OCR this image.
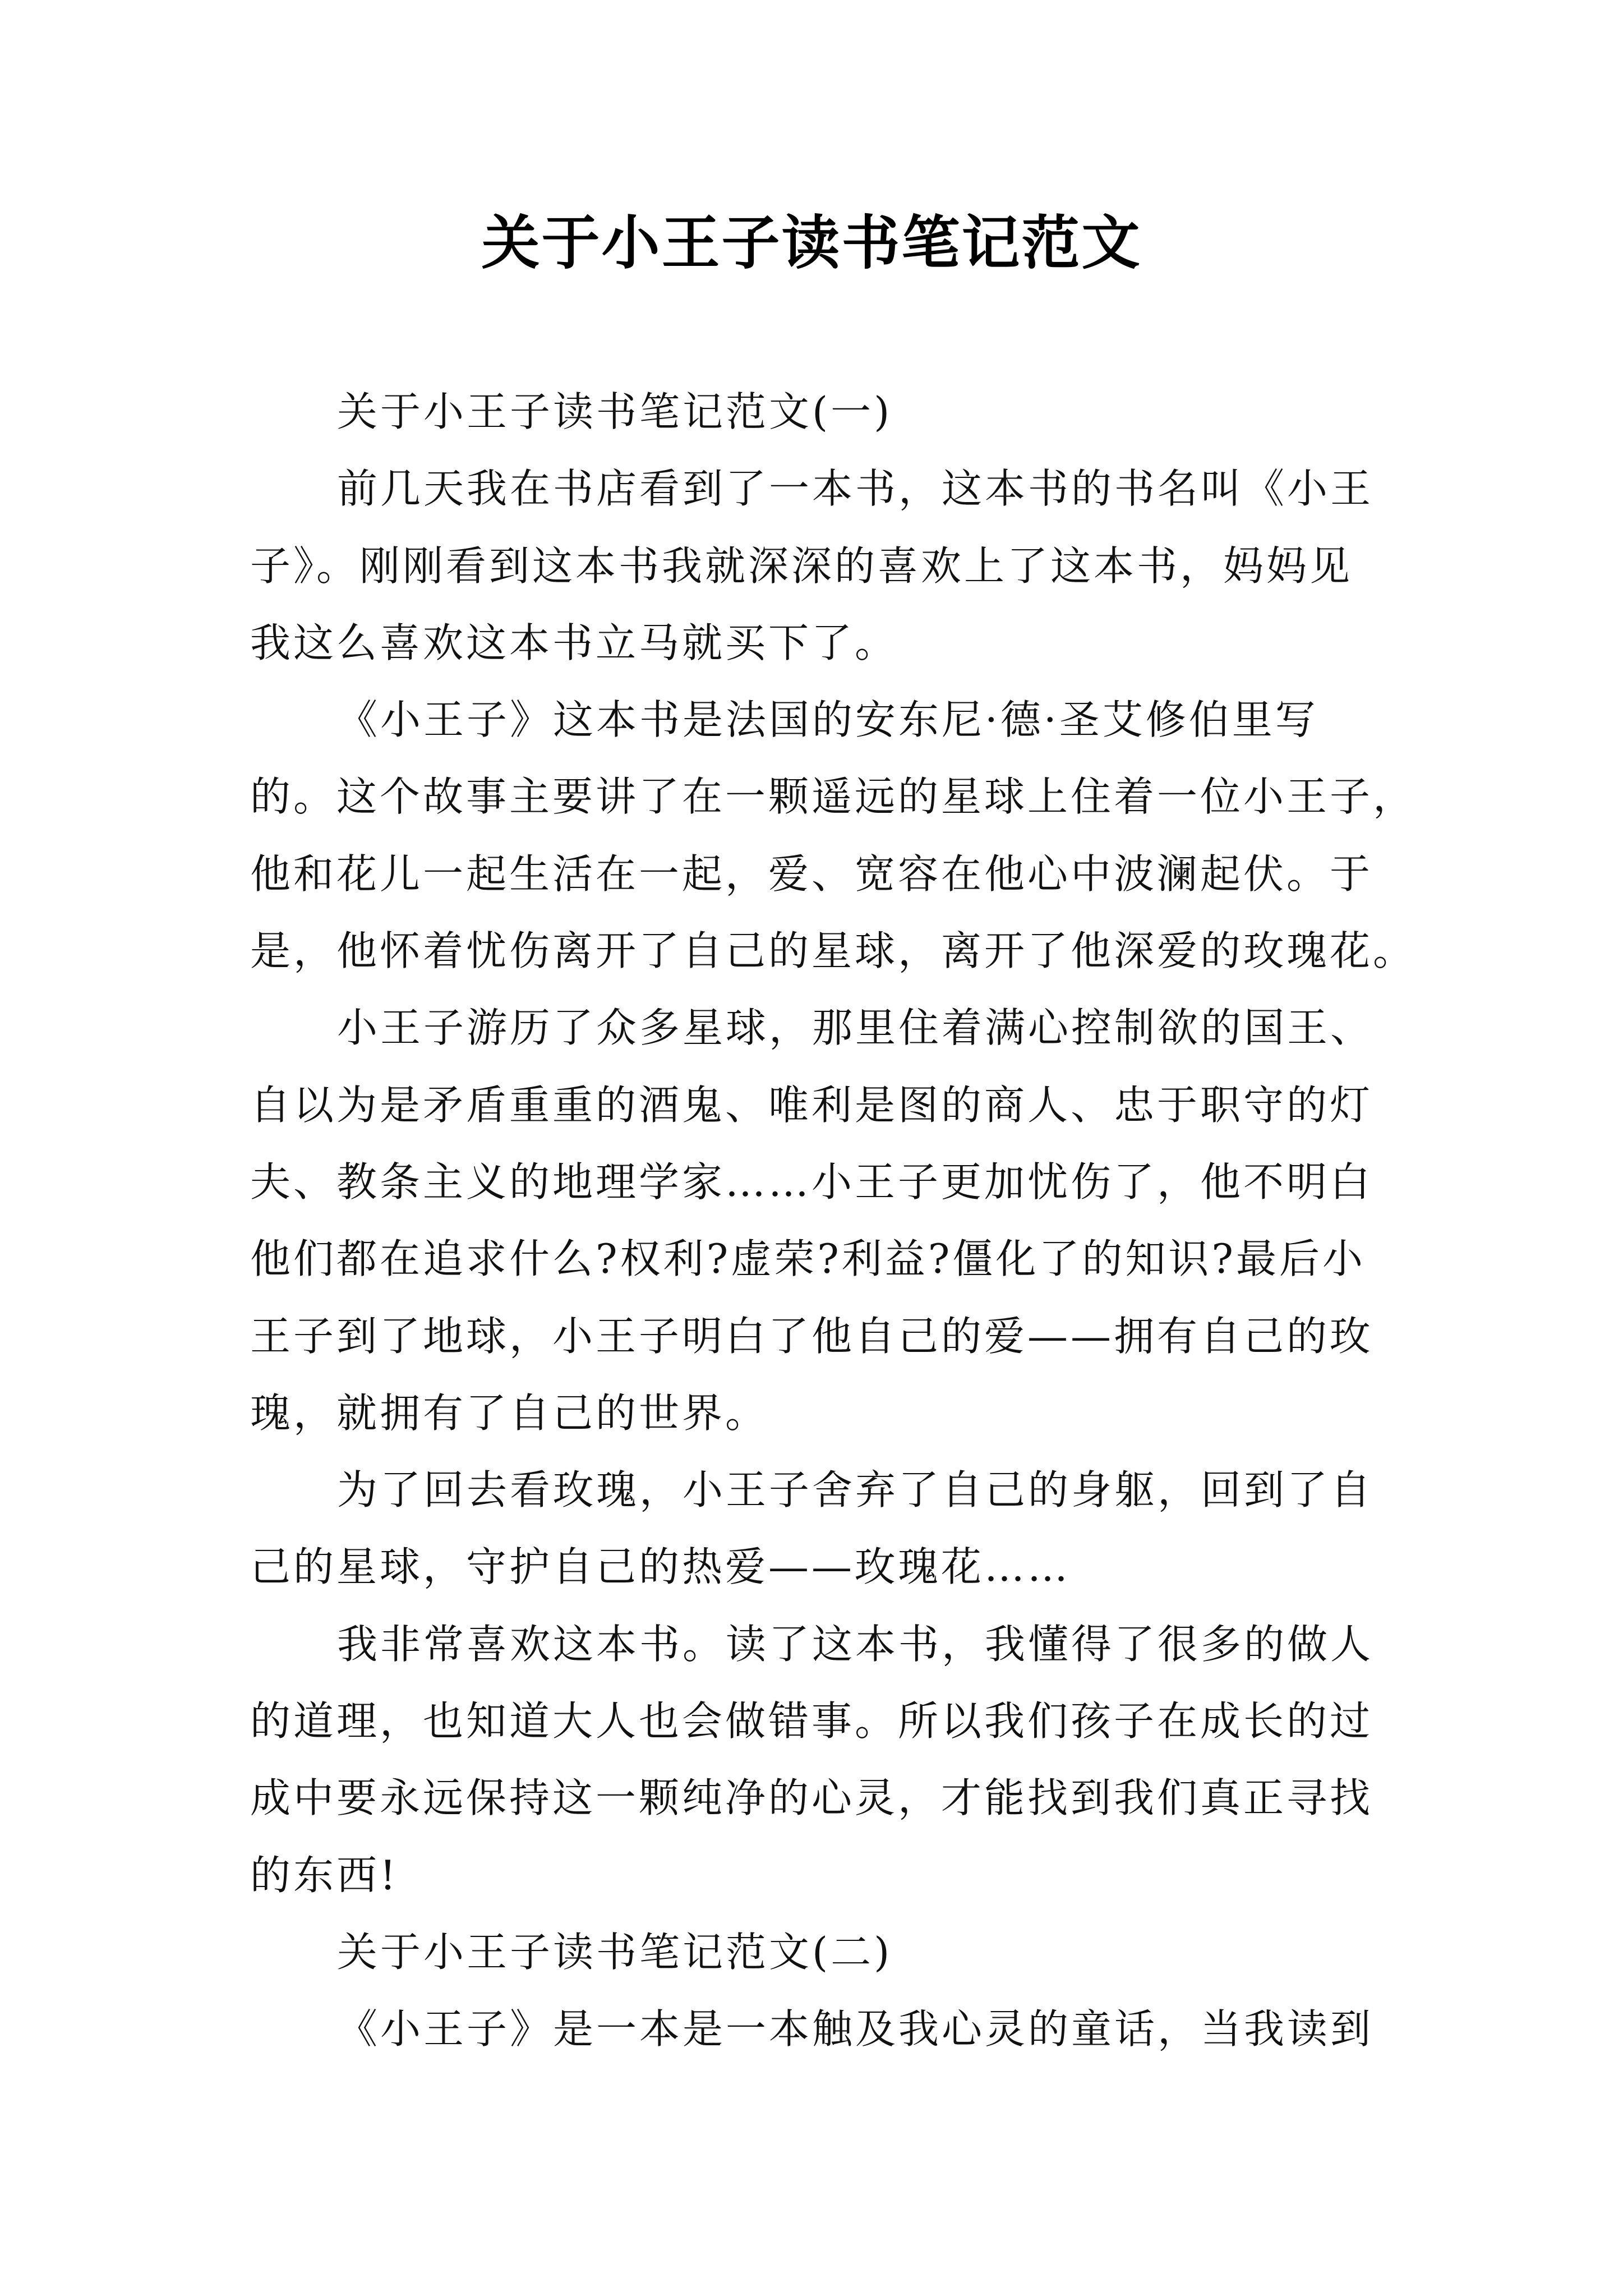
关于小王子读书笔记范文
关于小王子读书笔记范文(一)
前几天我在书店看到了一本书，这本书的书名叫《小王
子》。刚刚看到这本书我就深深的喜欢上了这本书，妈妈见
我这么喜欢这本书立马就买下了。
《小王子》这本书是法国的安东尼·德·圣艾修伯里写
的。这个故事主要讲了在一颗遥远的星球上住着一位小王子，
他和花儿一起生活在一起，爱、宽容在他心中波澜起伏。于
是，他怀着忧伤离开了自己的星球，离开了他深爱的玫瑰花。
小王子游历了众多星球，那里住着满心控制欲的国王、
自以为是矛盾重重的酒鬼、唯利是图的商人、忠于职守的灯
夫、教条主义的地理学家……小王子更加忧伤了，他不明白
他们都在追求什么?权利?虚荣?利益?僵化了的知识?最后小
王子到了地球，小王子明白了他自己的爱——拥有自己的玫
瑰，就拥有了自己的世界。
为了回去看玫瑰，小王子舍弃了自己的身躯，回到了自
己的星球，守护自己的热爱——玫瑰花……
我非常喜欢这本书。读了这本书，我懂得了很多的做人
的道理，也知道大人也会做错事。所以我们孩子在成长的过
成中要永远保持这一颗纯净的心灵，才能找到我们真正寻找
的东西!
关于小王子读书笔记范文(二)
《小王子》是一本是一本触及我心灵的童话，当我读到
